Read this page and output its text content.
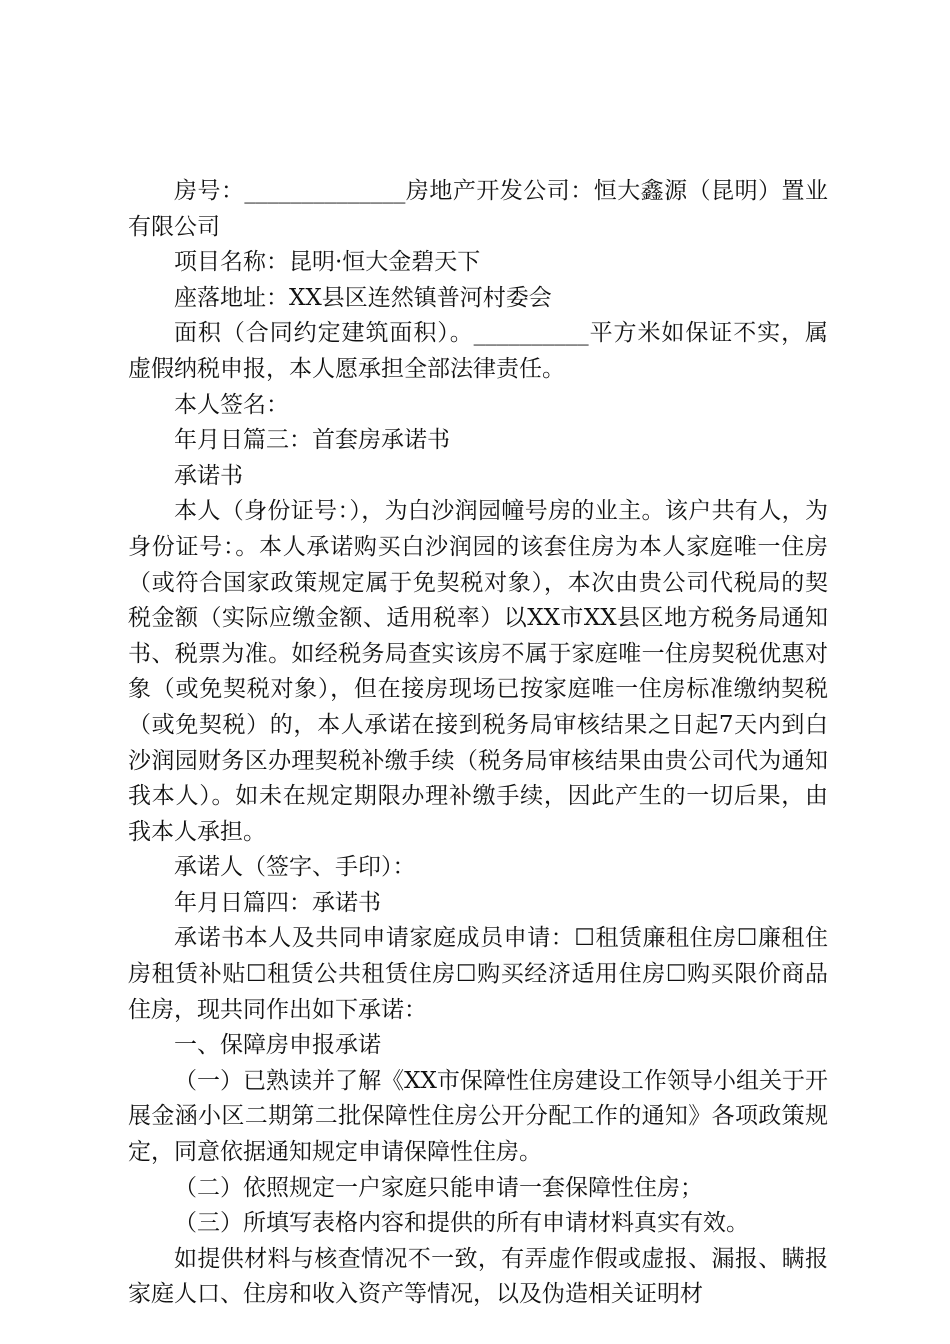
房号：______________房地产开发公司：恒大鑫源（昆明）置业有限公司

项目名称：昆明·恒大金碧天下

座落地址：XX县区连然镇普河村委会

面积（合同约定建筑面积）。__________平方米如保证不实，属虚假纳税申报，本人愿承担全部法律责任。

本人签名：

年月日篇三：首套房承诺书

承诺书

本人（身份证号：），为白沙润园幢号房的业主。该户共有人，为身份证号：。本人承诺购买白沙润园的该套住房为本人家庭唯一住房（或符合国家政策规定属于免契税对象），本次由贵公司代税局的契税金额（实际应缴金额、适用税率）以XX市XX县区地方税务局通知书、税票为准。如经税务局查实该房不属于家庭唯一住房契税优惠对象（或免契税对象），但在接房现场已按家庭唯一住房标准缴纳契税（或免契税）的，本人承诺在接到税务局审核结果之日起7天内到白沙润园财务区办理契税补缴手续（税务局审核结果由贵公司代为通知我本人）。如未在规定期限办理补缴手续，因此产生的一切后果，由我本人承担。

承诺人（签字、手印）：

年月日篇四：承诺书

承诺书本人及共同申请家庭成员申请：☐租赁廉租住房☐廉租住房租赁补贴☐租赁公共租赁住房☐购买经济适用住房☐购买限价商品住房，现共同作出如下承诺：

一、保障房申报承诺

（一）已熟读并了解《XX市保障性住房建设工作领导小组关于开展金涵小区二期第二批保障性住房公开分配工作的通知》各项政策规定，同意依据通知规定申请保障性住房。

（二）依照规定一户家庭只能申请一套保障性住房；

（三）所填写表格内容和提供的所有申请材料真实有效。

如提供材料与核查情况不一致，有弄虚作假或虚报、漏报、瞒报家庭人口、住房和收入资产等情况，以及伪造相关证明材
